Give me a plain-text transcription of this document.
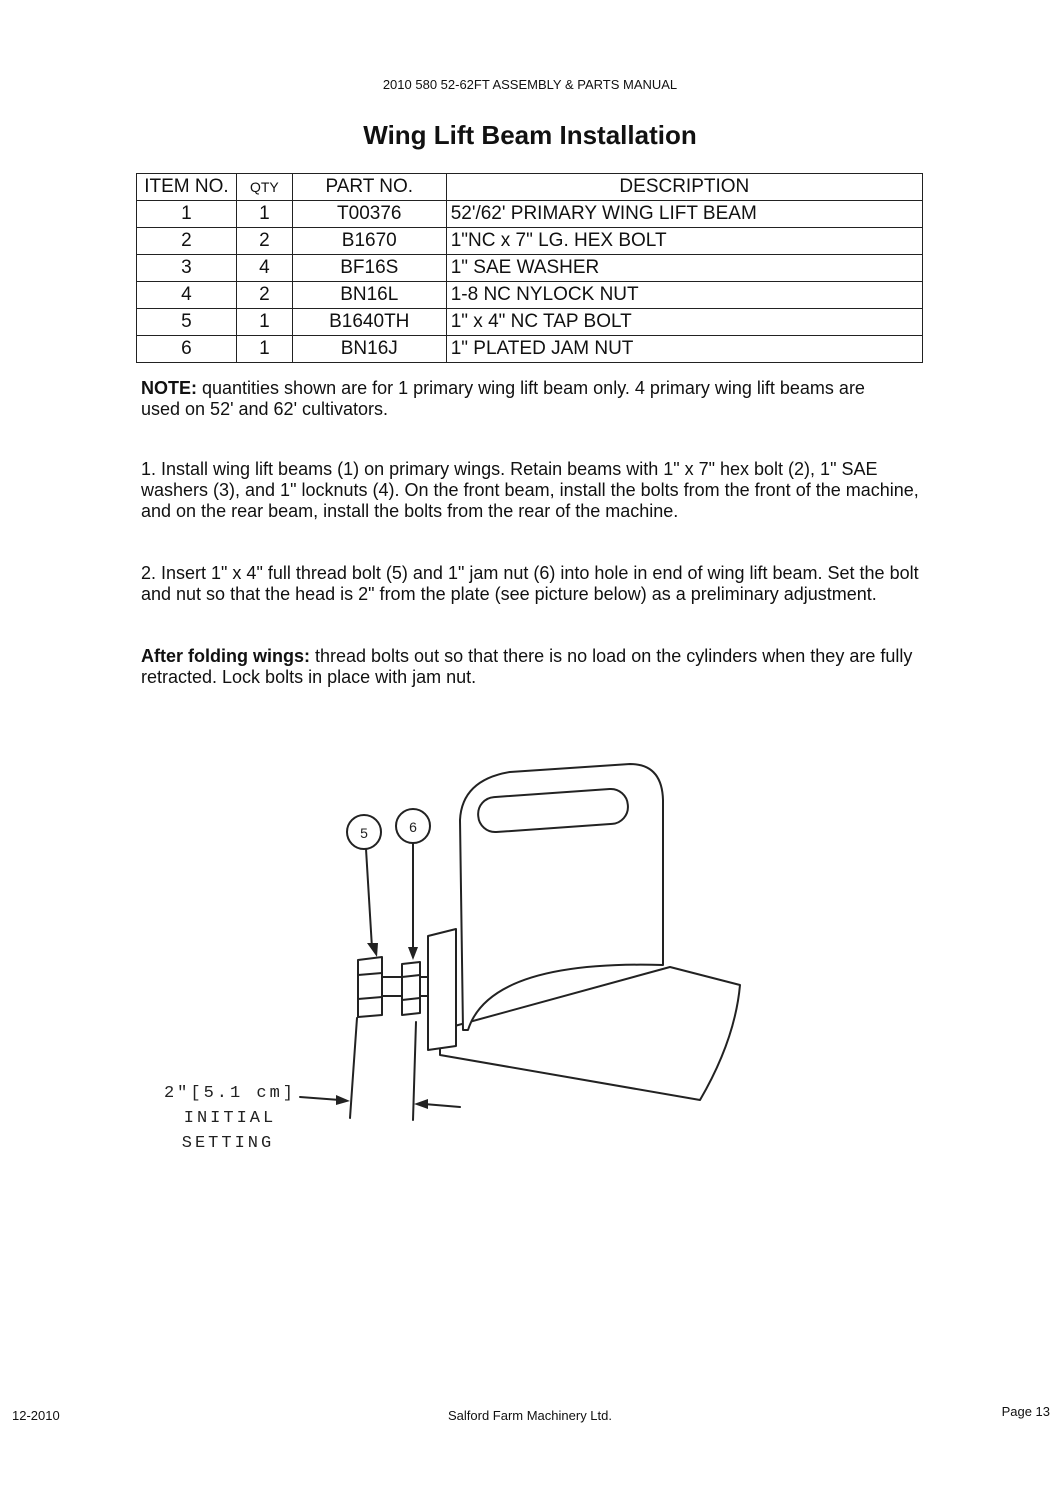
2010 580 52-62FT ASSEMBLY & PARTS MANUAL
Wing Lift Beam Installation
ITEM NO.	QTY	PART NO.	DESCRIPTION
1	1	T00376	52'/62' PRIMARY WING LIFT BEAM
2	2	B1670	1"NC x 7" LG. HEX BOLT
3	4	BF16S	1" SAE WASHER
4	2	BN16L	1-8 NC NYLOCK NUT
5	1	B1640TH	1" x 4" NC TAP BOLT
6	1	BN16J	1" PLATED JAM NUT
NOTE: quantities shown are for 1 primary wing lift beam only. 4 primary wing lift beams are used on 52' and 62' cultivators.
1. Install wing lift beams (1) on primary wings. Retain beams with 1" x 7" hex bolt (2), 1" SAE washers (3), and 1" locknuts (4). On the front beam, install the bolts from the front of the machine, and on the rear beam, install the bolts from the rear of the machine.
2. Insert 1" x 4" full thread bolt (5) and 1" jam nut (6) into hole in end of wing lift beam. Set the bolt and nut so that the head is 2" from the plate (see picture below) as a preliminary adjustment.
After folding wings: thread bolts out so that there is no load on the cylinders when they are fully retracted. Lock bolts in place with jam nut.
5	6
2"[5.1 cm]
INITIAL
SETTING
12-2010	Salford Farm Machinery Ltd.	Page 13
